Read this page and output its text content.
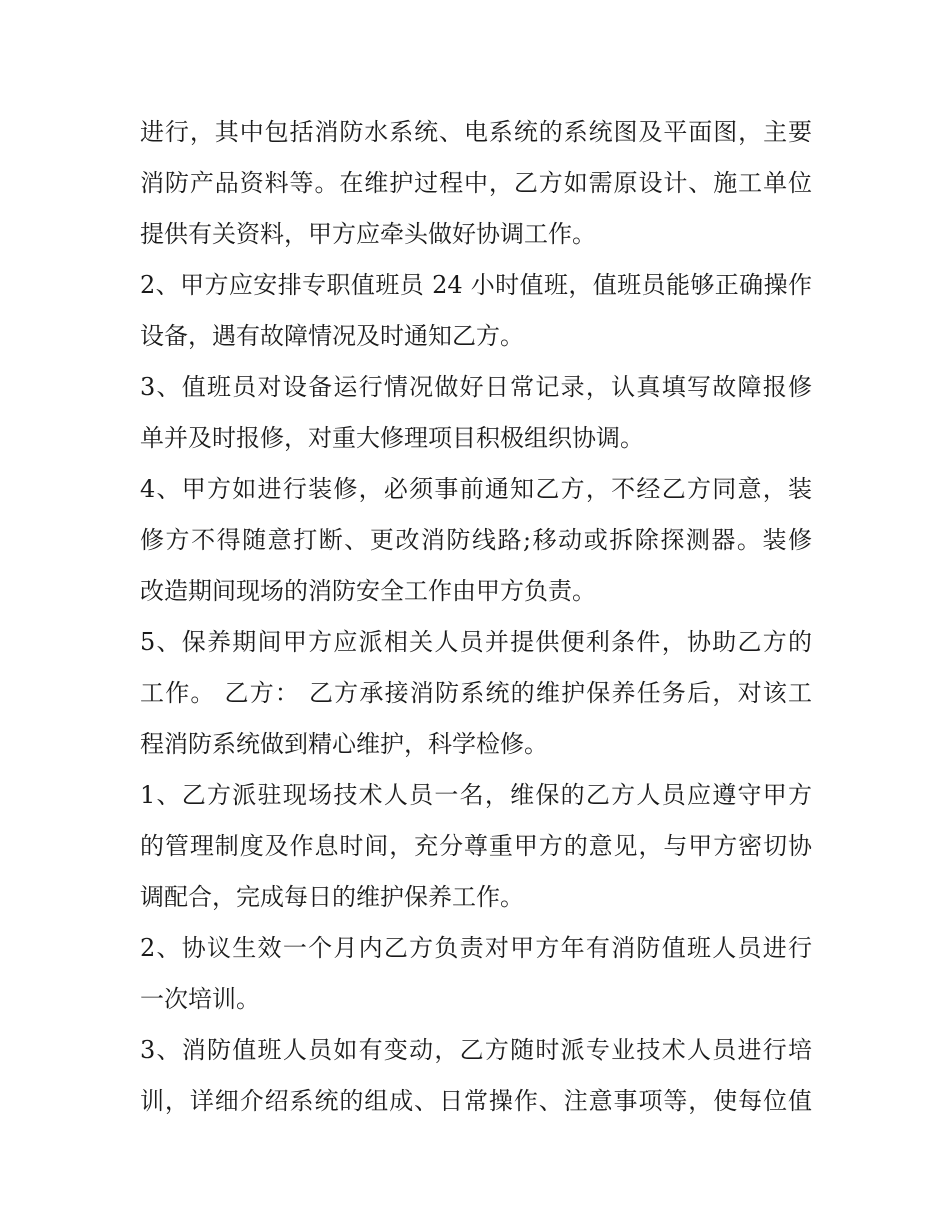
进行，其中包括消防水系统、电系统的系统图及平面图，主要
消防产品资料等。在维护过程中，乙方如需原设计、施工单位
提供有关资料，甲方应牵头做好协调工作。
2、甲方应安排专职值班员 24 小时值班，值班员能够正确操作
设备，遇有故障情况及时通知乙方。
3、值班员对设备运行情况做好日常记录，认真填写故障报修
单并及时报修，对重大修理项目积极组织协调。
4、甲方如进行装修，必须事前通知乙方，不经乙方同意，装
修方不得随意打断、更改消防线路;移动或拆除探测器。装修
改造期间现场的消防安全工作由甲方负责。
5、保养期间甲方应派相关人员并提供便利条件，协助乙方的
工作。 乙方： 乙方承接消防系统的维护保养任务后，对该工
程消防系统做到精心维护，科学检修。
1、乙方派驻现场技术人员一名，维保的乙方人员应遵守甲方
的管理制度及作息时间，充分尊重甲方的意见，与甲方密切协
调配合，完成每日的维护保养工作。
2、协议生效一个月内乙方负责对甲方年有消防值班人员进行
一次培训。
3、消防值班人员如有变动，乙方随时派专业技术人员进行培
训，详细介绍系统的组成、日常操作、注意事项等，使每位值
